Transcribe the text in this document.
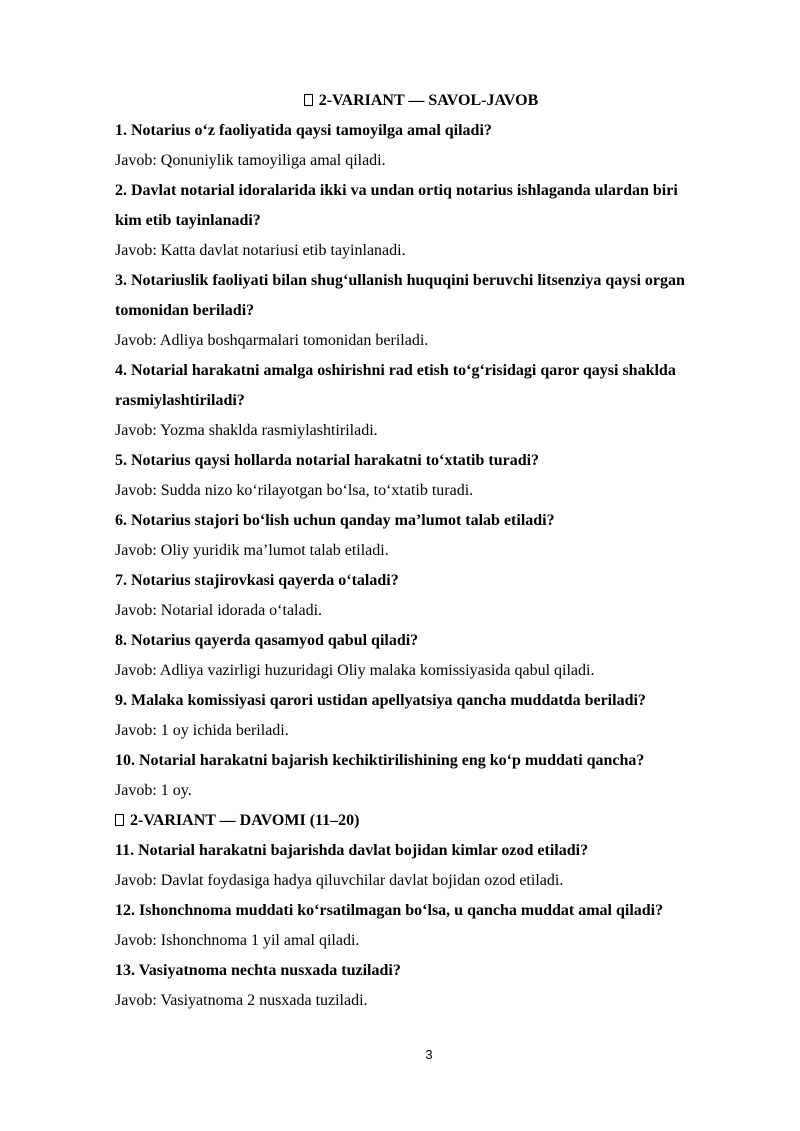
2-VARIANT — SAVOL-JAVOB
1. Notarius o‘z faoliyatida qaysi tamoyilga amal qiladi?
Javob: Qonuniylik tamoyiliga amal qiladi.
2. Davlat notarial idoralarida ikki va undan ortiq notarius ishlaganda ulardan biri
kim etib tayinlanadi?
Javob: Katta davlat notariusi etib tayinlanadi.
3. Notariuslik faoliyati bilan shug‘ullanish huquqini beruvchi litsenziya qaysi organ
tomonidan beriladi?
Javob: Adliya boshqarmalari tomonidan beriladi.
4. Notarial harakatni amalga oshirishni rad etish to‘g‘risidagi qaror qaysi shaklda
rasmiylashtiriladi?
Javob: Yozma shaklda rasmiylashtiriladi.
5. Notarius qaysi hollarda notarial harakatni to‘xtatib turadi?
Javob: Sudda nizo ko‘rilayotgan bo‘lsa, to‘xtatib turadi.
6. Notarius stajori bo‘lish uchun qanday ma’lumot talab etiladi?
Javob: Oliy yuridik ma’lumot talab etiladi.
7. Notarius stajirovkasi qayerda o‘taladi?
Javob: Notarial idorada o‘taladi.
8. Notarius qayerda qasamyod qabul qiladi?
Javob: Adliya vazirligi huzuridagi Oliy malaka komissiyasida qabul qiladi.
9. Malaka komissiyasi qarori ustidan apellyatsiya qancha muddatda beriladi?
Javob: 1 oy ichida beriladi.
10. Notarial harakatni bajarish kechiktirilishining eng ko‘p muddati qancha?
Javob: 1 oy.
2-VARIANT — DAVOMI (11–20)
11. Notarial harakatni bajarishda davlat bojidan kimlar ozod etiladi?
Javob: Davlat foydasiga hadya qiluvchilar davlat bojidan ozod etiladi.
12. Ishonchnoma muddati ko‘rsatilmagan bo‘lsa, u qancha muddat amal qiladi?
Javob: Ishonchnoma 1 yil amal qiladi.
13. Vasiyatnoma nechta nusxada tuziladi?
Javob: Vasiyatnoma 2 nusxada tuziladi.
3
